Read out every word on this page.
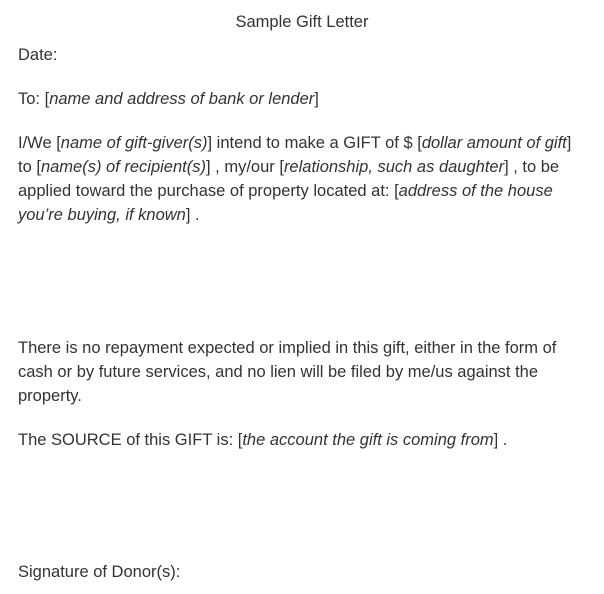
Sample Gift Letter

Date:

To: [name and address of bank or lender]

I/We [name of gift-giver(s)] intend to make a GIFT of $ [dollar amount of gift] to [name(s) of recipient(s)] , my/our [relationship, such as daughter] , to be applied toward the purchase of property located at: [address of the house you’re buying, if known] .

There is no repayment expected or implied in this gift, either in the form of cash or by future services, and no lien will be filed by me/us against the property.

The SOURCE of this GIFT is: [the account the gift is coming from] .

Signature of Donor(s):
